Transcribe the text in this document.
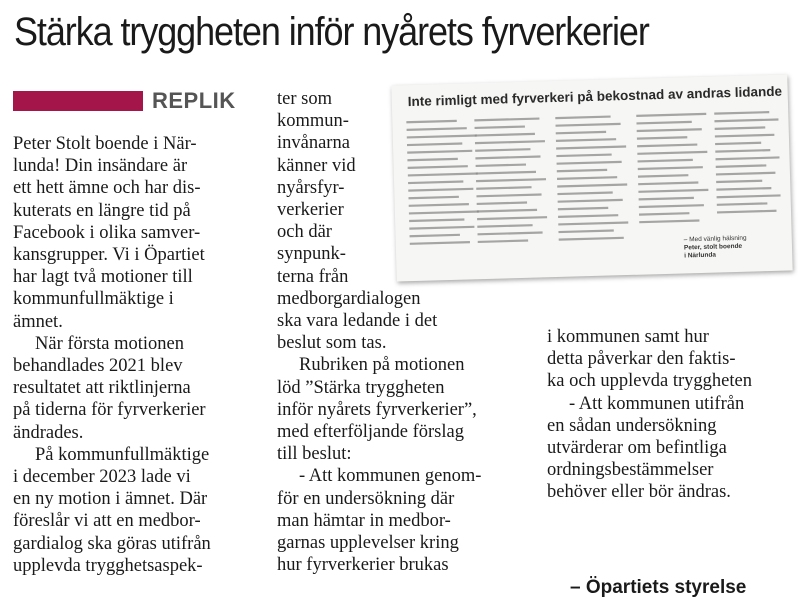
Stärka tryggheten inför nyårets fyrverkerier
REPLIK

Peter Stolt boende i När-
lunda! Din insändare är
ett hett ämne och har dis-
kuterats en längre tid på
Facebook i olika samver-
kansgrupper. Vi i Öpartiet
har lagt två motioner till
kommunfullmäktige i
ämnet.

När första motionen
behandlades 2021 blev
resultatet att riktlinjerna
på tiderna för fyrverkerier
ändrades.

På kommunfullmäktige
i december 2023 lade vi
en ny motion i ämnet. Där
föreslår vi att en medbor-
gardialog ska göras utifrån
upplevda trygghetsaspek-

ter som
kommun-
invånarna
känner vid
nyårsfyr-
verkerier
och där
synpunk-
terna från
medborgardialogen
ska vara ledande i det
beslut som tas.

Rubriken på motionen
löd ”Stärka tryggheten
inför nyårets fyrverkerier”,
med efterföljande förslag
till beslut:

- Att kommunen genom-
för en undersökning där
man hämtar in medbor-
garnas upplevelser kring
hur fyrverkerier brukas

i kommunen samt hur
detta påverkar den faktis-
ka och upplevda tryggheten

- Att kommunen utifrån
en sådan undersökning
utvärderar om befintliga
ordningsbestämmelser
behöver eller bör ändras.

Inte rimligt med fyrverkeri på bekostnad av andras lidande
– Med vänlig hälsning
Peter, stolt boende
i Närlunda
– Öpartiets styrelse
